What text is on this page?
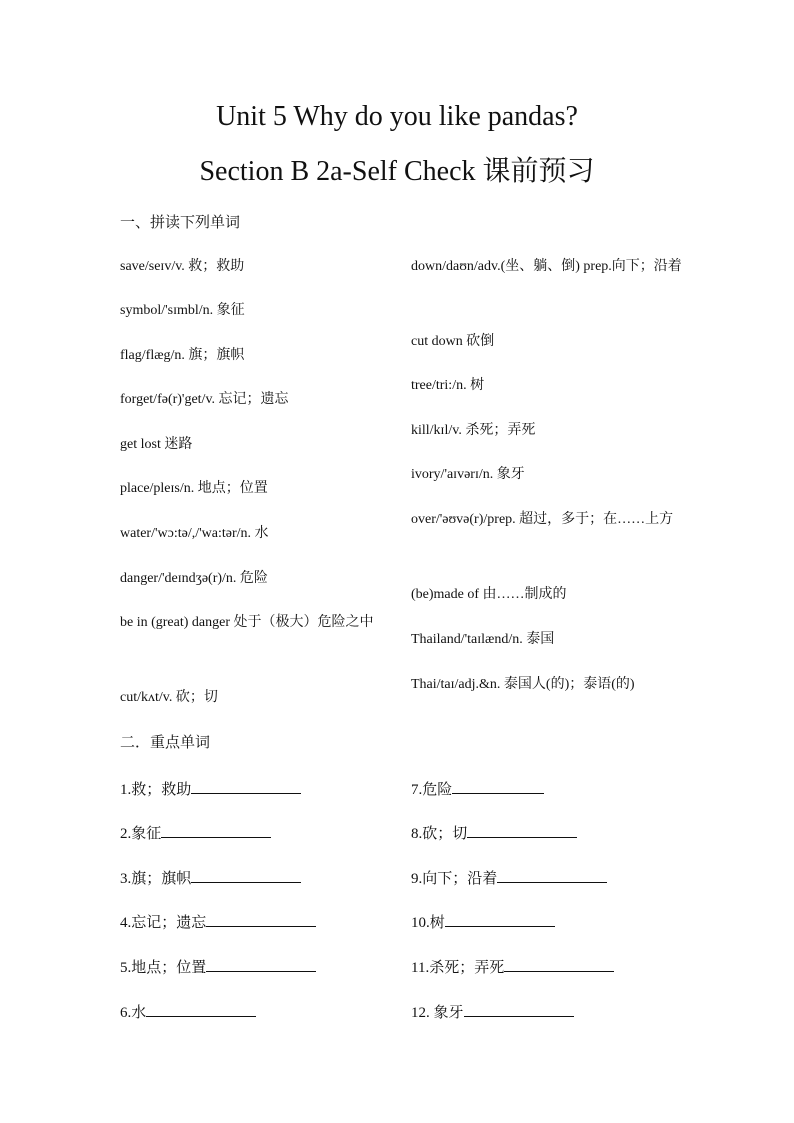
Unit 5 Why do you like pandas?
Section B 2a-Self Check 课前预习
一、拼读下列单词
save/seɪv/v. 救；救助
symbol/'sɪmbl/n. 象征
flag/flæg/n. 旗；旗帜
forget/fə(r)'get/v. 忘记；遗忘
get lost 迷路
place/pleɪs/n. 地点；位置
water/'wɔ:tə/,/'wa:tər/n. 水
danger/'deɪndʒə(r)/n. 危险
be in (great) danger 处于（极大）危险之中
cut/kʌt/v. 砍；切
down/daʊn/adv.(坐、躺、倒) prep.向下；沿着
cut down 砍倒
tree/tri:/n. 树
kill/kɪl/v. 杀死；弄死
ivory/'aɪvərɪ/n. 象牙
over/'əʊvə(r)/prep. 超过，多于；在……上方
(be)made of 由……制成的
Thailand/'taɪlænd/n. 泰国
Thai/taɪ/adj.&n. 泰国人(的)；泰语(的)
二．重点单词
1.救；救助
2.象征
3.旗；旗帜
4.忘记；遗忘
5.地点；位置
6.水
7.危险
8.砍；切
9.向下；沿着
10.树
11.杀死；弄死
12. 象牙
